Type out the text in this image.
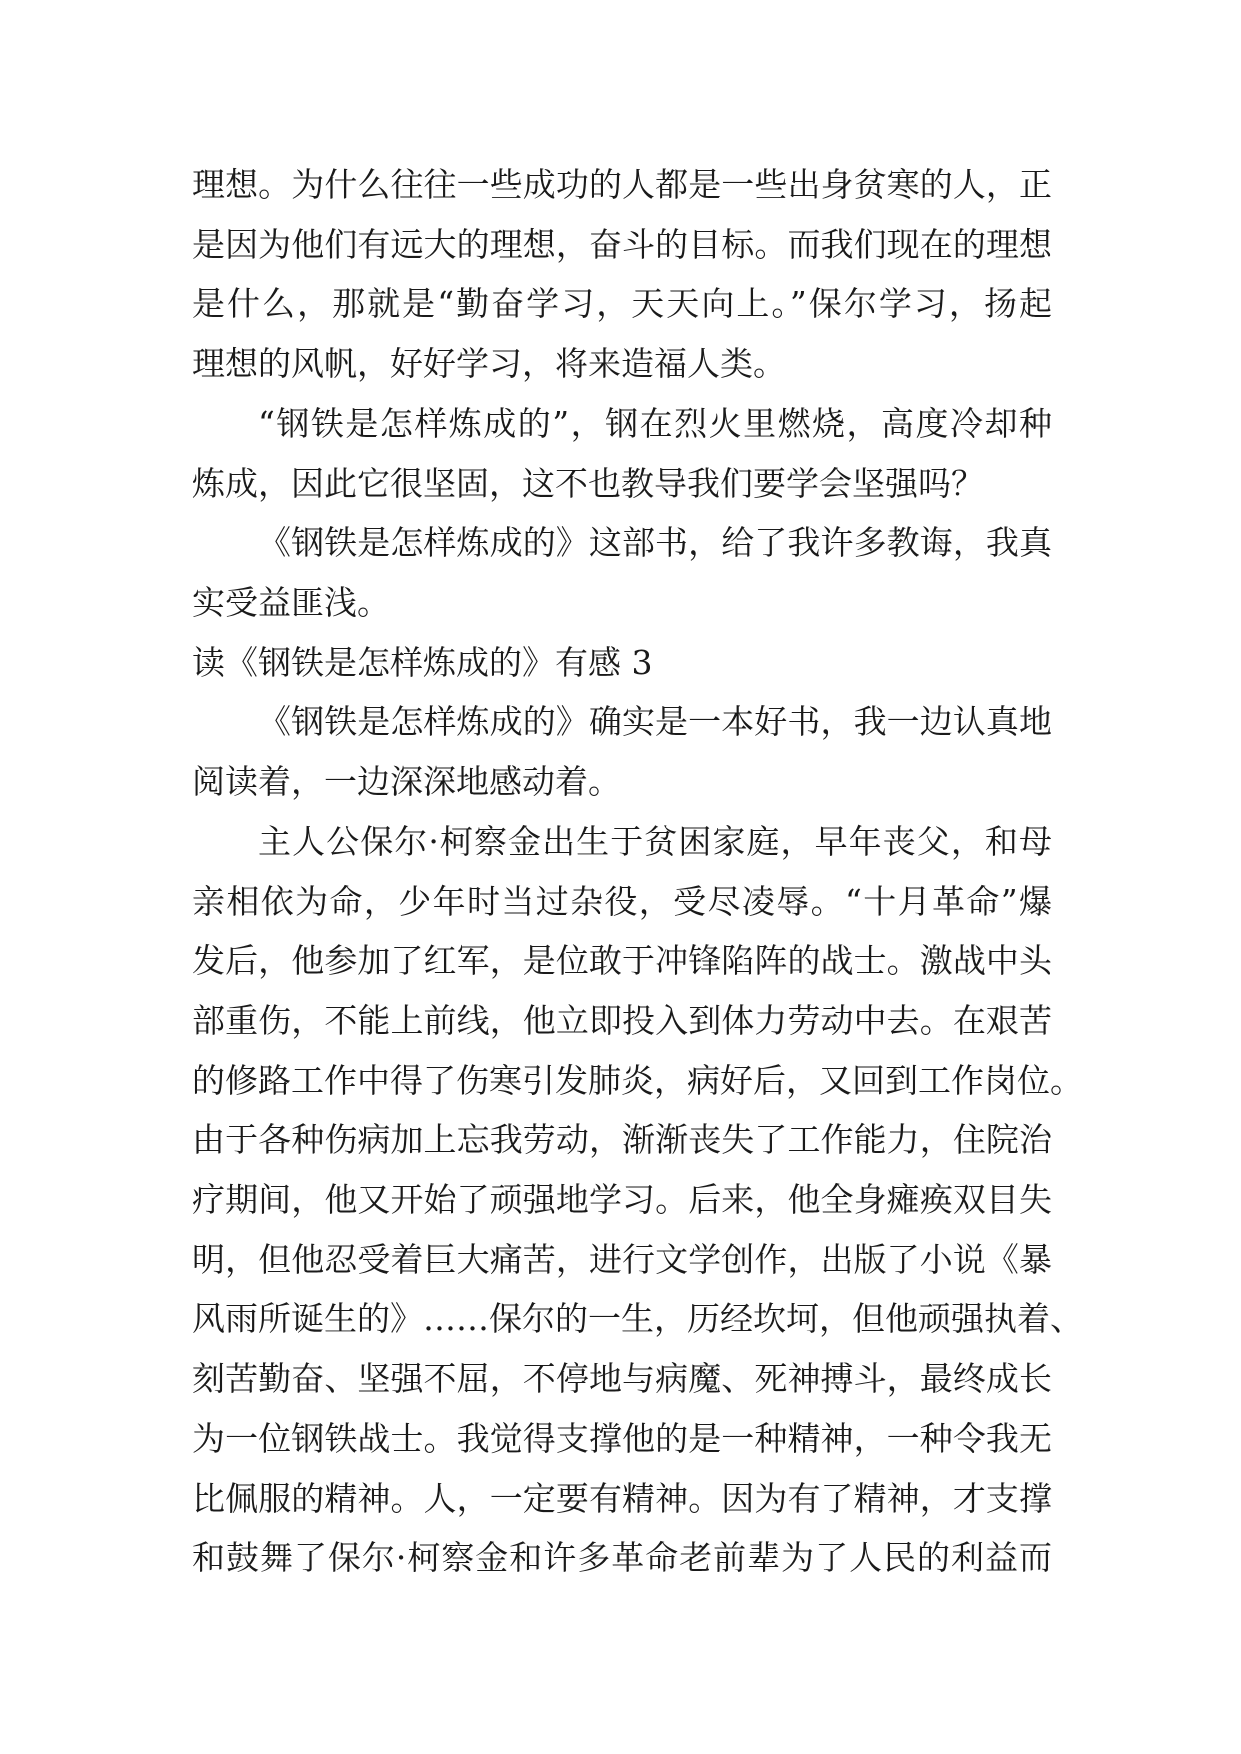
理想。为什么往往一些成功的人都是一些出身贫寒的人，正
是因为他们有远大的理想，奋斗的目标。而我们现在的理想
是什么，那就是“勤奋学习，天天向上。”保尔学习，扬起
理想的风帆，好好学习，将来造福人类。
“钢铁是怎样炼成的”，钢在烈火里燃烧，高度冷却种
炼成，因此它很坚固，这不也教导我们要学会坚强吗？
《钢铁是怎样炼成的》这部书，给了我许多教诲，我真
实受益匪浅。
读《钢铁是怎样炼成的》有感 3
《钢铁是怎样炼成的》确实是一本好书，我一边认真地
阅读着，一边深深地感动着。
主人公保尔·柯察金出生于贫困家庭，早年丧父，和母
亲相依为命，少年时当过杂役，受尽凌辱。“十月革命”爆
发后，他参加了红军，是位敢于冲锋陷阵的战士。激战中头
部重伤，不能上前线，他立即投入到体力劳动中去。在艰苦
的修路工作中得了伤寒引发肺炎，病好后，又回到工作岗位。
由于各种伤病加上忘我劳动，渐渐丧失了工作能力，住院治
疗期间，他又开始了顽强地学习。后来，他全身瘫痪双目失
明，但他忍受着巨大痛苦，进行文学创作，出版了小说《暴
风雨所诞生的》……保尔的一生，历经坎坷，但他顽强执着、
刻苦勤奋、坚强不屈，不停地与病魔、死神搏斗，最终成长
为一位钢铁战士。我觉得支撑他的是一种精神，一种令我无
比佩服的精神。人，一定要有精神。因为有了精神，才支撑
和鼓舞了保尔·柯察金和许多革命老前辈为了人民的利益而
